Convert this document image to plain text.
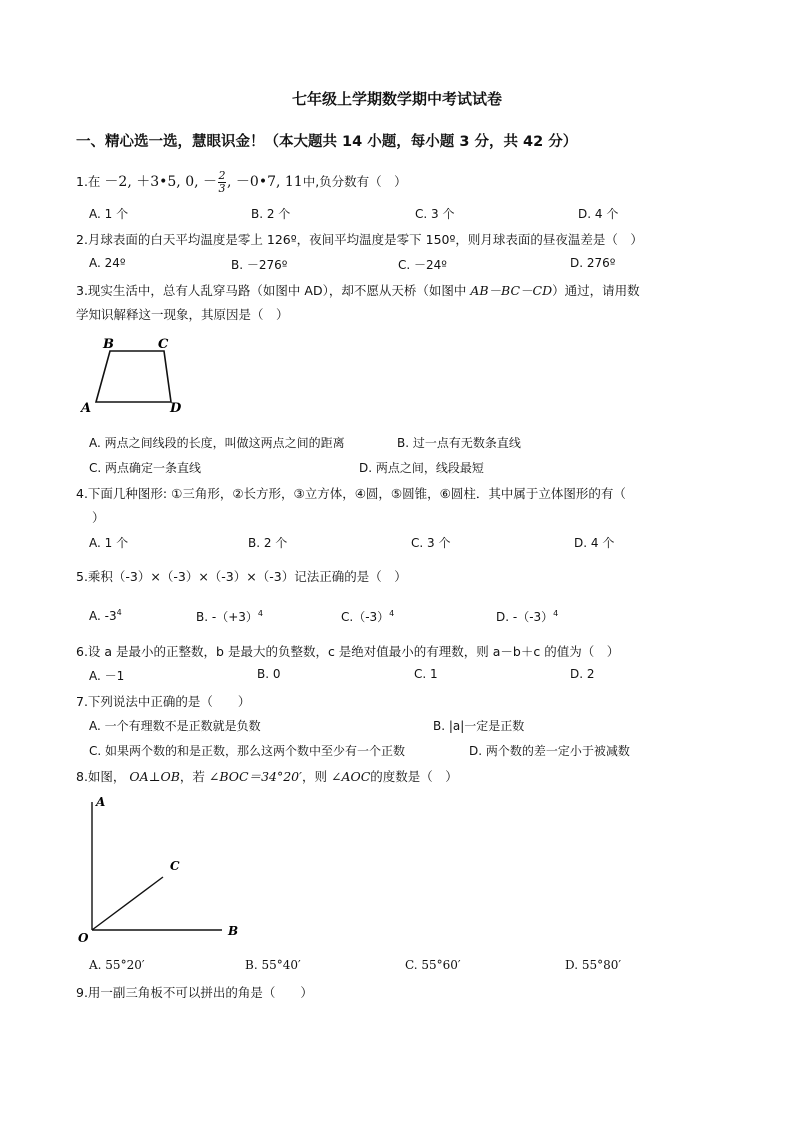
七年级上学期数学期中考试试卷
一、精心选一选，慧眼识金！（本大题共 14 小题，每小题 3 分，共 42 分）
1.在 －2, ＋3•5, 0, － $\frac{2}{3}$ , －0•7, 11中,负分数有（　）
A. 1 个	B. 2 个	C. 3 个	D. 4 个
2.月球表面的白天平均温度是零上 126º，夜间平均温度是零下 150º，则月球表面的昼夜温差是（　）
A. 24º	B. －276º	C. －24º	D. 276º
3.现实生活中，总有人乱穿马路（如图中 AD），却不愿从天桥（如图中 AB－BC－CD）通过，请用数
学知识解释这一现象，其原因是（　）
B	C
A	D
A. 两点之间线段的长度，叫做这两点之间的距离	B. 过一点有无数条直线
C. 两点确定一条直线	D. 两点之间，线段最短
4.下面几种图形: ①三角形，②长方形，③立方体，④圆，⑤圆锥，⑥圆柱．其中属于立体图形的有（
）
A. 1 个	B. 2 个	C. 3 个	D. 4 个
5.乘积（-3）×（-3）×（-3）×（-3）记法正确的是（　）
A. $-3^4$	B. $-(+3)^4$	$C.(-3)^4$	D. $-(-3)^4$
6.设 a 是最小的正整数，b 是最大的负整数，c 是绝对值最小的有理数，则 a－b＋c 的值为（　）
A. －1	B. 0	C. 1	D. 2
7.下列说法中正确的是（　　）
A. 一个有理数不是正数就是负数	B. |a|一定是正数
C. 如果两个数的和是正数，那么这两个数中至少有一个正数	D. 两个数的差一定小于被减数
8.如图， OA⊥OB，若 ∠BOC＝34°20′，则 ∠AOC的度数是（　）
A
C
B
O
A. 55°20′	B. 55°40′	C. 55°60′	D. 55°80′
9.用一副三角板不可以拼出的角是（　　）
